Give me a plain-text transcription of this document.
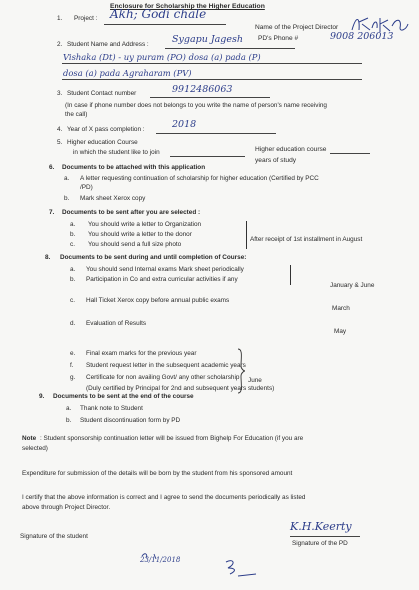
Enclosure for Scholarship the Higher Education
1. Project : Akh; Godi chale
Name of the Project Director
PD's Phone #	9008 206013
2. Student Name and Address : Sygapu Jagesh
Vishaka (Dt) - uy puram (PO) dosa (a) pada (P)
dosa (a) pada Agraharam (PV)
3. Student Contact number	9912486063
(In case if phone number does not belongs to you write the name of person's name receiving
the call)
4. Year of X pass completion :	2018
5. Higher education Course
in which the student like to join	Higher education course
years of study
6. Documents to be attached with this application
a. A letter requesting continuation of scholarship for higher education (Certified by PCC
/PD)
b. Mark sheet Xerox copy
7. Documents to be sent after you are selected :
a. You should write a letter to Organization
b. You should write a letter to the donor
c. You should send a full size photo
After receipt of 1st installment in August
8. Documents to be sent during and until completion of Course:
a. You should send Internal exams Mark sheet periodically
b. Participation in Co and extra curricular activities if any
January & June
c. Hall Ticket Xerox copy before annual public exams
March
d. Evaluation of Results
May
e. Final exam marks for the previous year
f. Student request letter in the subsequent academic years
g. Certificate for non availing Govt/ any other scholarship
(Duly certified by Principal for 2nd and subsequent years students)
June
9. Documents to be sent at the end of the course
a. Thank note to Student
b. Student discontinuation form by PD
Note : Student sponsorship continuation letter will be issued from Bighelp For Education (if you are
selected)
Expenditure for submission of the details will be born by the student from his sponsored amount
I certify that the above information is correct and I agree to send the documents periodically as listed
above through Project Director.
Signature of the student
K.H.Keerty
Signature of the PD
23/11/2018
